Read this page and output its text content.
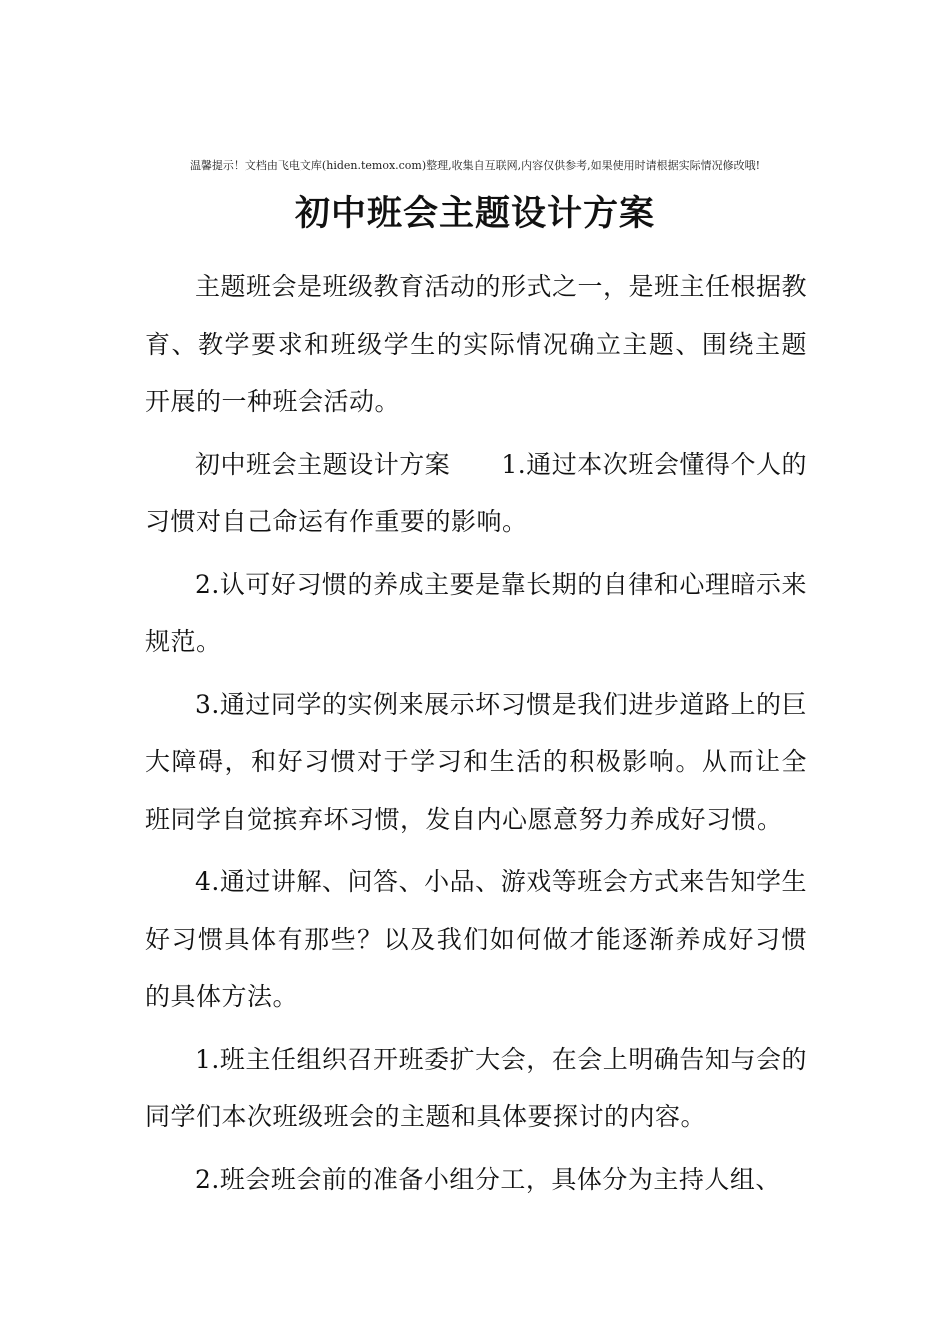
温馨提示！文档由飞电文库(hiden.temox.com)整理,收集自互联网,内容仅供参考,如果使用时请根据实际情况修改哦!
初中班会主题设计方案

主题班会是班级教育活动的形式之一，是班主任根据教育、教学要求和班级学生的实际情况确立主题、围绕主题开展的一种班会活动。

初中班会主题设计方案　　1.通过本次班会懂得个人的习惯对自己命运有作重要的影响。

2.认可好习惯的养成主要是靠长期的自律和心理暗示来规范。

3.通过同学的实例来展示坏习惯是我们进步道路上的巨大障碍，和好习惯对于学习和生活的积极影响。从而让全班同学自觉摈弃坏习惯，发自内心愿意努力养成好习惯。

4.通过讲解、问答、小品、游戏等班会方式来告知学生好习惯具体有那些？以及我们如何做才能逐渐养成好习惯的具体方法。

1.班主任组织召开班委扩大会，在会上明确告知与会的同学们本次班级班会的主题和具体要探讨的内容。

2.班会班会前的准备小组分工，具体分为主持人组、
